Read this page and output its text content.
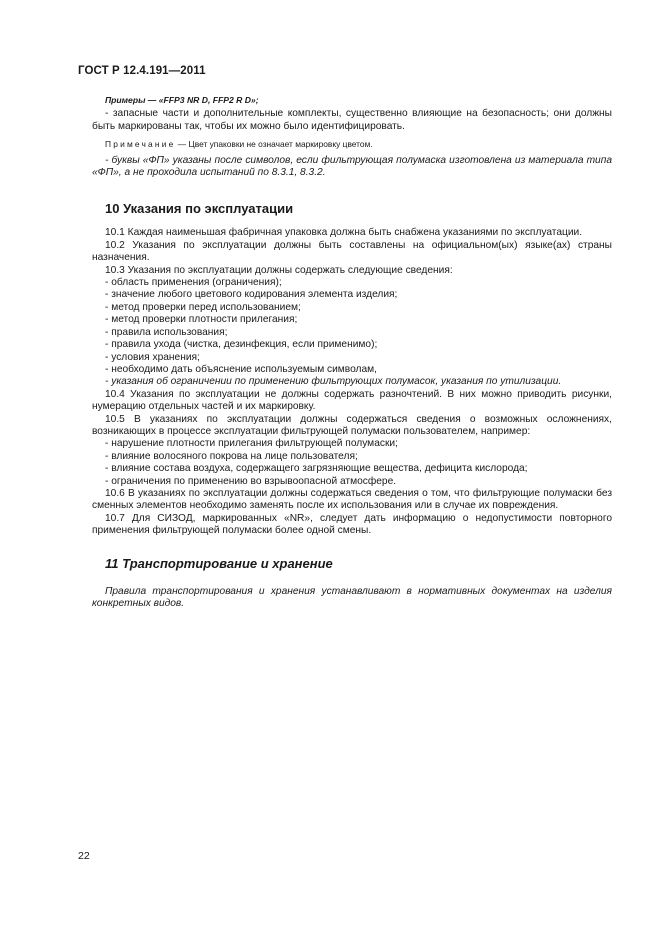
ГОСТ Р 12.4.191—2011

Примеры — «FFP3 NR D, FFP2 R D»;

- запасные части и дополнительные комплекты, существенно влияющие на безопасность; они должны быть маркированы так, чтобы их можно было идентифицировать.

Примечание — Цвет упаковки не означает маркировку цветом.

- буквы «ФП» указаны после символов, если фильтрующая полумаска изготовлена из материала типа «ФП», а не проходила испытаний по 8.3.1, 8.3.2.

10 Указания по эксплуатации

10.1 Каждая наименьшая фабричная упаковка должна быть снабжена указаниями по эксплуатации.

10.2 Указания по эксплуатации должны быть составлены на официальном(ых) языке(ах) страны назначения.

10.3 Указания по эксплуатации должны содержать следующие сведения:

- область применения (ограничения);

- значение любого цветового кодирования элемента изделия;

- метод проверки перед использованием;

- метод проверки плотности прилегания;

- правила использования;

- правила ухода (чистка, дезинфекция, если применимо);

- условия хранения;

- необходимо дать объяснение используемым символам,

- указания об ограничении по применению фильтрующих полумасок, указания по утилизации.

10.4 Указания по эксплуатации не должны содержать разночтений. В них можно приводить рисунки, нумерацию отдельных частей и их маркировку.

10.5 В указаниях по эксплуатации должны содержаться сведения о возможных осложнениях, возникающих в процессе эксплуатации фильтрующей полумаски пользователем, например:

- нарушение плотности прилегания фильтрующей полумаски;

- влияние волосяного покрова на лице пользователя;

- влияние состава воздуха, содержащего загрязняющие вещества, дефицита кислорода;

- ограничения по применению во взрывоопасной атмосфере.

10.6 В указаниях по эксплуатации должны содержаться сведения о том, что фильтрующие полумаски без сменных элементов необходимо заменять после их использования или в случае их повреждения.

10.7 Для СИЗОД, маркированных «NR», следует дать информацию о недопустимости повторного применения фильтрующей полумаски более одной смены.

11 Транспортирование и хранение

Правила транспортирования и хранения устанавливают в нормативных документах на изделия конкретных видов.

22
